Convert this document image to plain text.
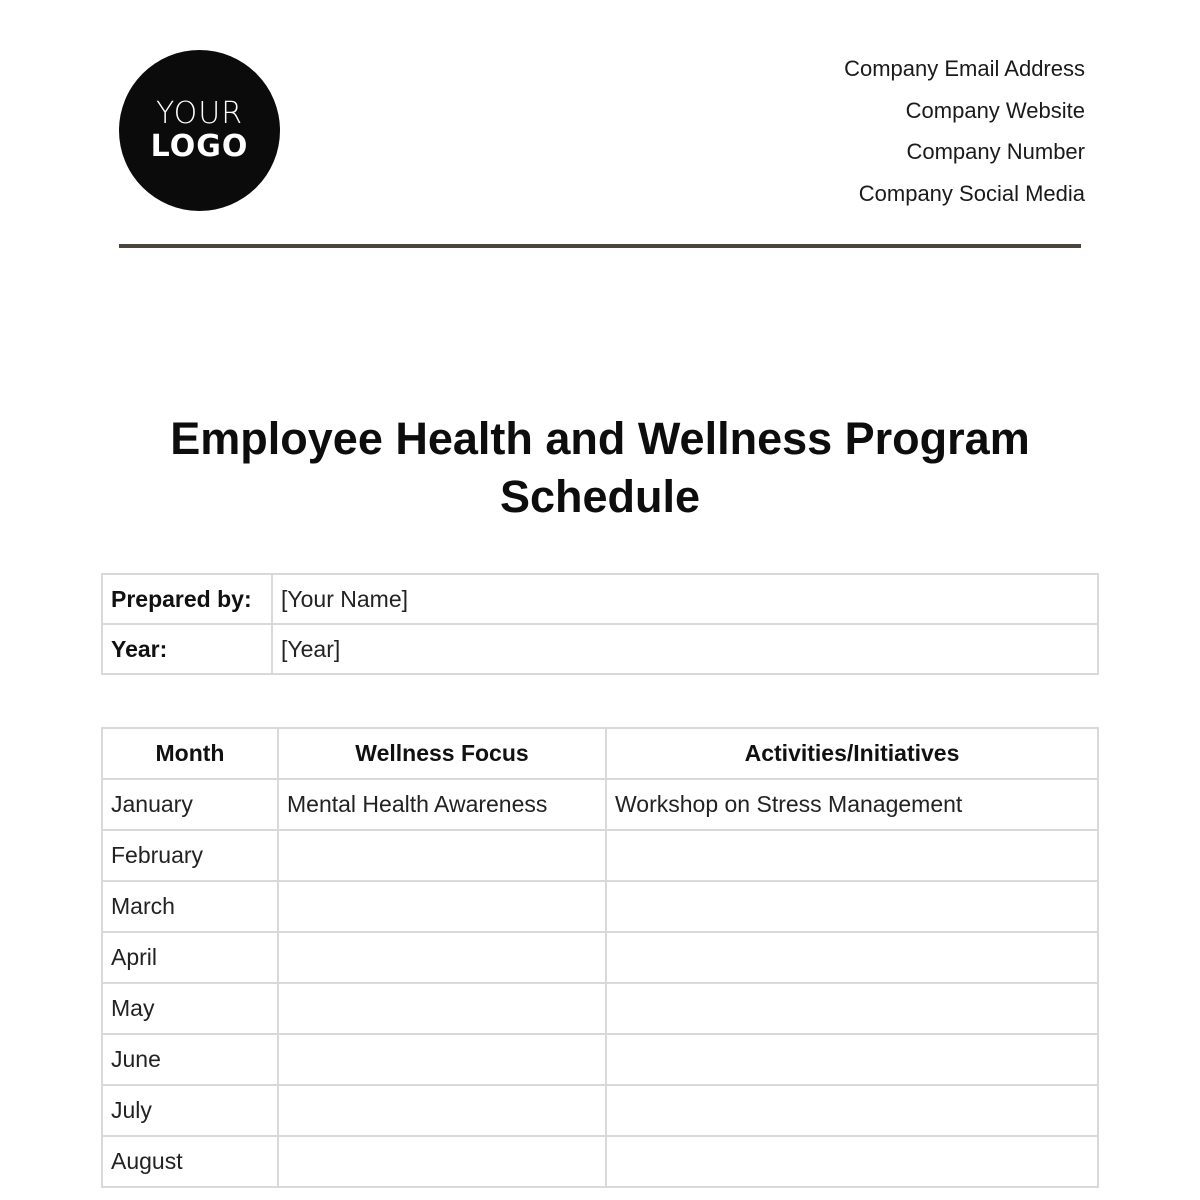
YOUR
LOGO
Company Email Address
Company Website
Company Number
Company Social Media
Employee Health and Wellness Program Schedule
Prepared by:	[Your Name]
Year:	[Year]
Month	Wellness Focus	Activities/Initiatives
January	Mental Health Awareness	Workshop on Stress Management
February		
March		
April		
May		
June		
July		
August		
